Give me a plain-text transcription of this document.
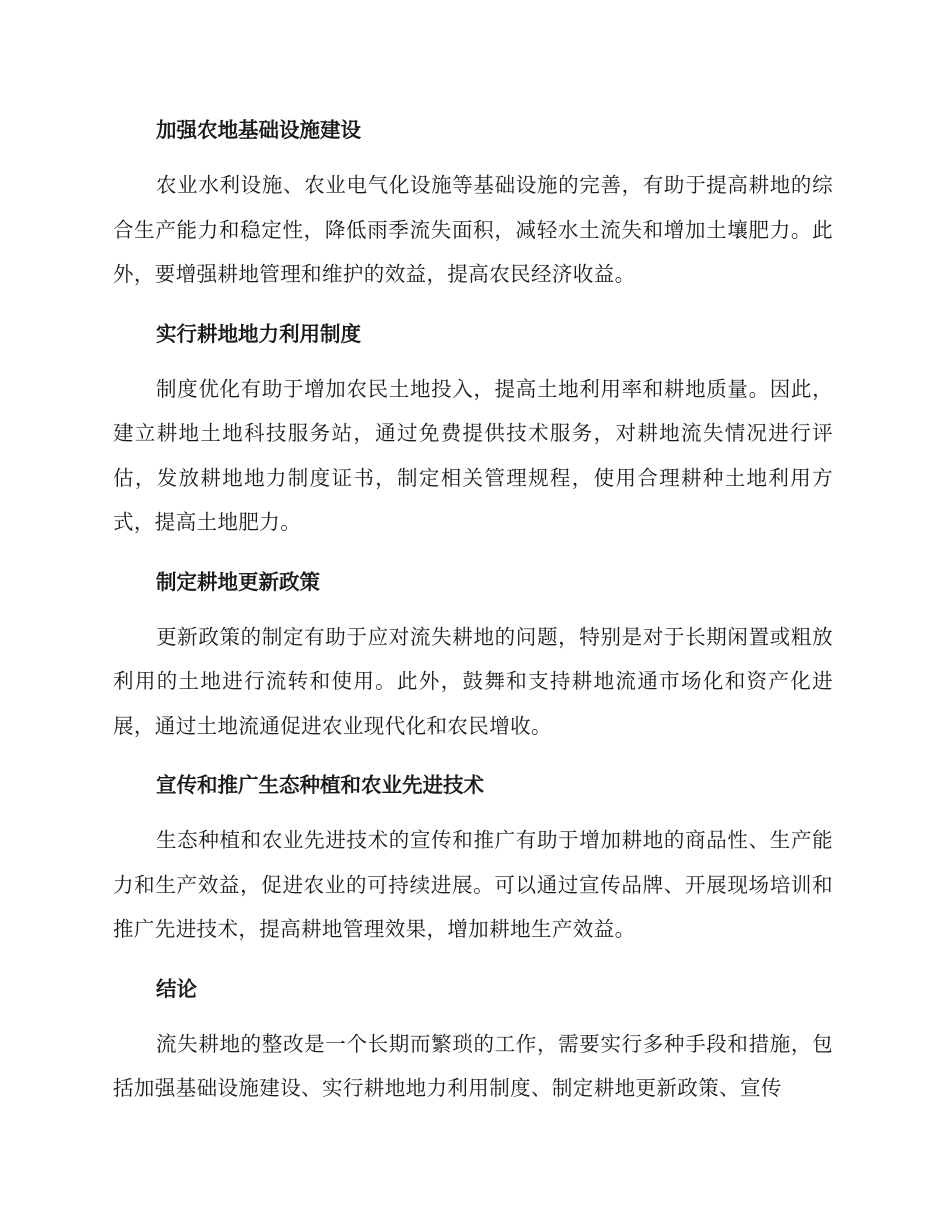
加强农地基础设施建设

农业水利设施、农业电气化设施等基础设施的完善，有助于提高耕地的综合生产能力和稳定性，降低雨季流失面积，减轻水土流失和增加土壤肥力。此外，要增强耕地管理和维护的效益，提高农民经济收益。

实行耕地地力利用制度

制度优化有助于增加农民土地投入，提高土地利用率和耕地质量。因此，建立耕地土地科技服务站，通过免费提供技术服务，对耕地流失情况进行评估，发放耕地地力制度证书，制定相关管理规程，使用合理耕种土地利用方式，提高土地肥力。

制定耕地更新政策

更新政策的制定有助于应对流失耕地的问题，特别是对于长期闲置或粗放利用的土地进行流转和使用。此外，鼓舞和支持耕地流通市场化和资产化进展，通过土地流通促进农业现代化和农民增收。

宣传和推广生态种植和农业先进技术

生态种植和农业先进技术的宣传和推广有助于增加耕地的商品性、生产能力和生产效益，促进农业的可持续进展。可以通过宣传品牌、开展现场培训和推广先进技术，提高耕地管理效果，增加耕地生产效益。

结论

流失耕地的整改是一个长期而繁琐的工作，需要实行多种手段和措施，包括加强基础设施建设、实行耕地地力利用制度、制定耕地更新政策、宣传
